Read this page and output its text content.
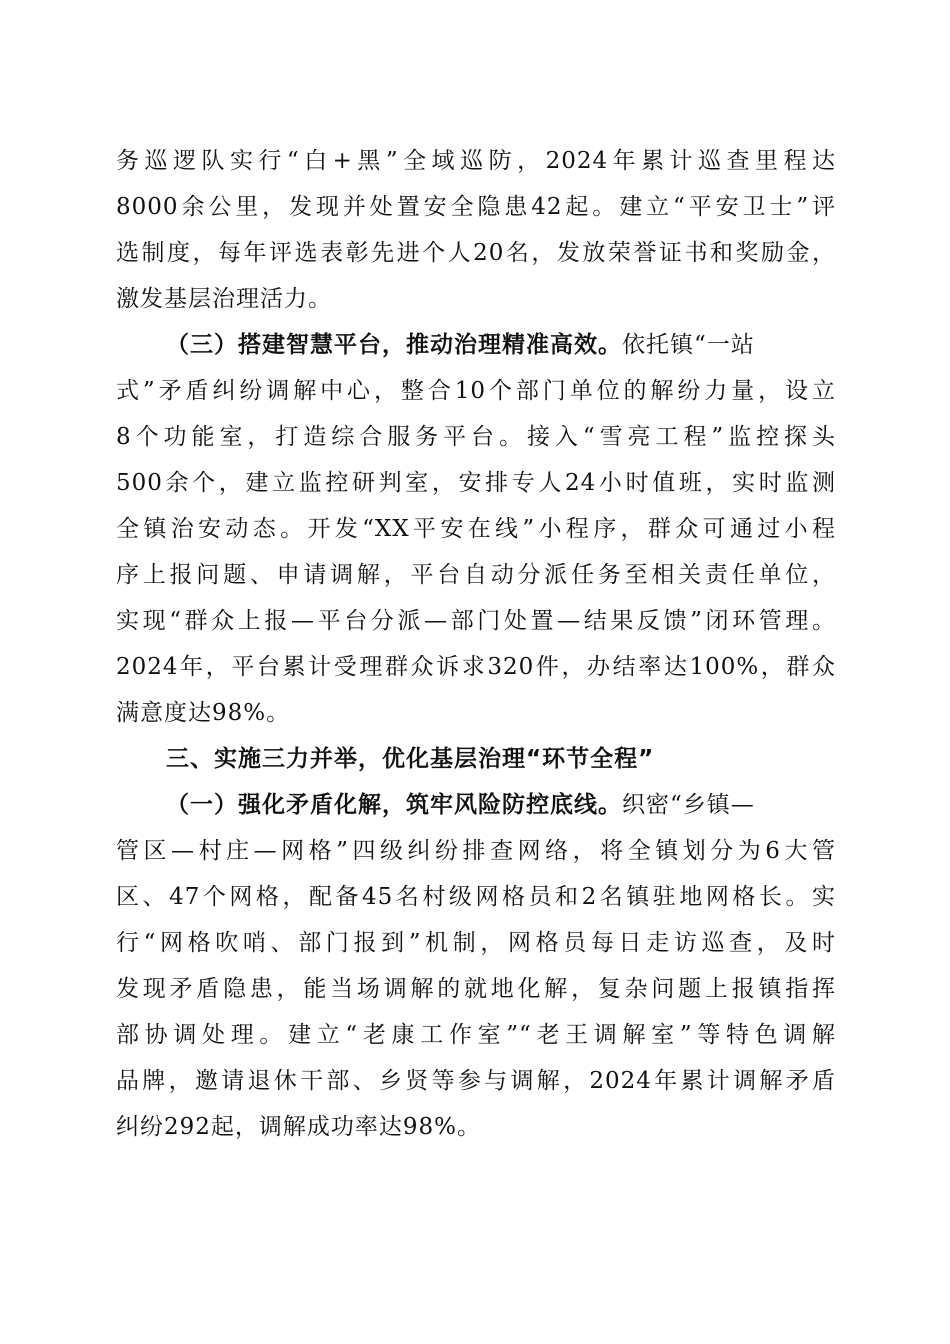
务巡逻队实行“白+黑”全域巡防，2024年累计巡查里程达
8000余公里，发现并处置安全隐患42起。建立“平安卫士”评
选制度，每年评选表彰先进个人20名，发放荣誉证书和奖励金，
激发基层治理活力。
（三）搭建智慧平台，推动治理精准高效。依托镇“一站
式”矛盾纠纷调解中心，整合10个部门单位的解纷力量，设立
8个功能室，打造综合服务平台。接入“雪亮工程”监控探头
500余个，建立监控研判室，安排专人24小时值班，实时监测
全镇治安动态。开发“XX平安在线”小程序，群众可通过小程
序上报问题、申请调解，平台自动分派任务至相关责任单位，
实现“群众上报—平台分派—部门处置—结果反馈”闭环管理。
2024年，平台累计受理群众诉求320件，办结率达100%，群众
满意度达98%。
三、实施三力并举，优化基层治理“环节全程”
（一）强化矛盾化解，筑牢风险防控底线。织密“乡镇—
管区—村庄—网格”四级纠纷排查网络，将全镇划分为6大管
区、47个网格，配备45名村级网格员和2名镇驻地网格长。实
行“网格吹哨、部门报到”机制，网格员每日走访巡查，及时
发现矛盾隐患，能当场调解的就地化解，复杂问题上报镇指挥
部协调处理。建立“老康工作室”“老王调解室”等特色调解
品牌，邀请退休干部、乡贤等参与调解，2024年累计调解矛盾
纠纷292起，调解成功率达98%。
